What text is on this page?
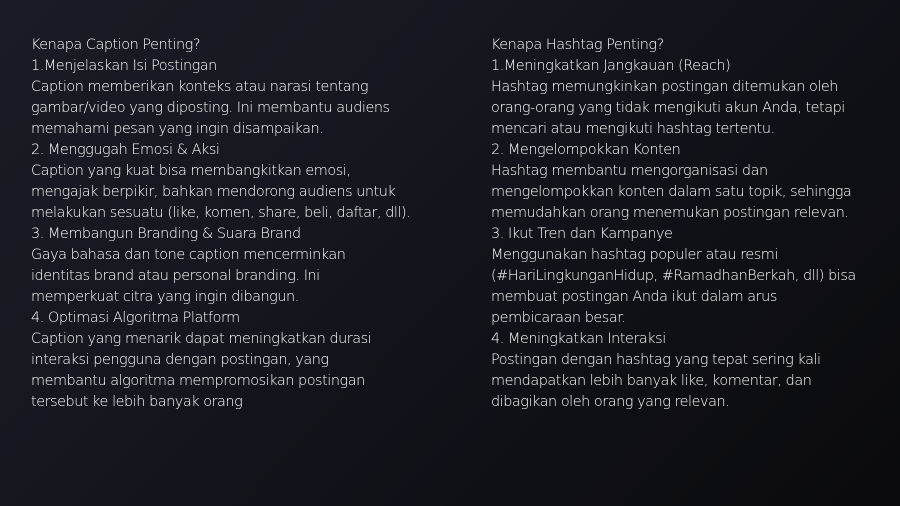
Kenapa Caption Penting?
1.Menjelaskan Isi Postingan
Caption memberikan konteks atau narasi tentang
gambar/video yang diposting. Ini membantu audiens
memahami pesan yang ingin disampaikan.
2. Menggugah Emosi & Aksi
Caption yang kuat bisa membangkitkan emosi,
mengajak berpikir, bahkan mendorong audiens untuk
melakukan sesuatu (like, komen, share, beli, daftar, dll).
3. Membangun Branding & Suara Brand
Gaya bahasa dan tone caption mencerminkan
identitas brand atau personal branding. Ini
memperkuat citra yang ingin dibangun.
4. Optimasi Algoritma Platform
Caption yang menarik dapat meningkatkan durasi
interaksi pengguna dengan postingan, yang
membantu algoritma mempromosikan postingan
tersebut ke lebih banyak orang
Kenapa Hashtag Penting?
1.Meningkatkan Jangkauan (Reach)
Hashtag memungkinkan postingan ditemukan oleh
orang-orang yang tidak mengikuti akun Anda, tetapi
mencari atau mengikuti hashtag tertentu.
2. Mengelompokkan Konten
Hashtag membantu mengorganisasi dan
mengelompokkan konten dalam satu topik, sehingga
memudahkan orang menemukan postingan relevan.
3. Ikut Tren dan Kampanye
Menggunakan hashtag populer atau resmi
(#HariLingkunganHidup, #RamadhanBerkah, dll) bisa
membuat postingan Anda ikut dalam arus
pembicaraan besar.
4. Meningkatkan Interaksi
Postingan dengan hashtag yang tepat sering kali
mendapatkan lebih banyak like, komentar, dan
dibagikan oleh orang yang relevan.
